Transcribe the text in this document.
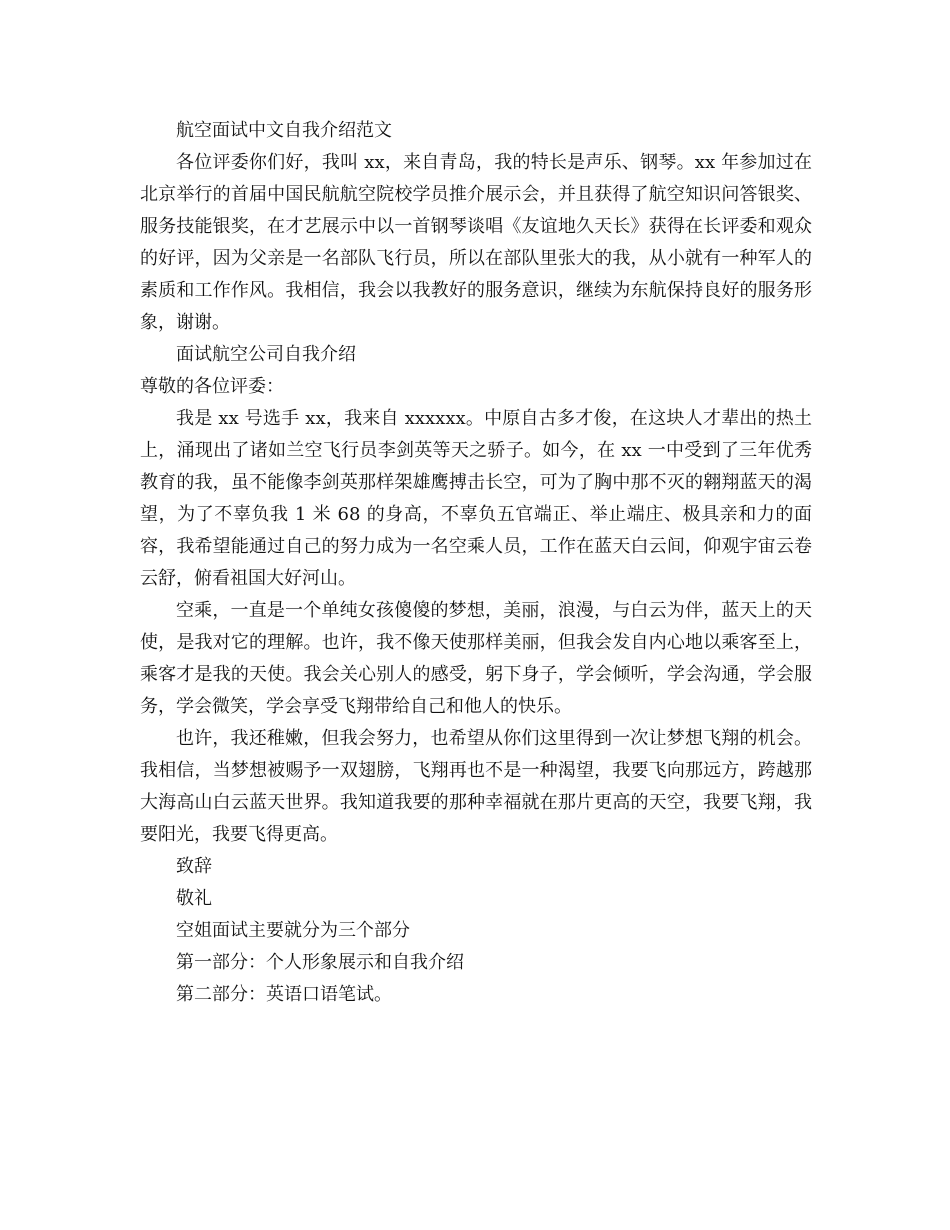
航空面试中文自我介绍范文

各位评委你们好，我叫 xx，来自青岛，我的特长是声乐、钢琴。xx 年参加过在北京举行的首届中国民航航空院校学员推介展示会，并且获得了航空知识问答银奖、服务技能银奖，在才艺展示中以一首钢琴谈唱《友谊地久天长》获得在长评委和观众的好评，因为父亲是一名部队飞行员，所以在部队里张大的我，从小就有一种军人的素质和工作作风。我相信，我会以我教好的服务意识，继续为东航保持良好的服务形象，谢谢。

面试航空公司自我介绍

尊敬的各位评委：

我是 xx 号选手 xx，我来自 xxxxxx。中原自古多才俊，在这块人才辈出的热土上，涌现出了诸如兰空飞行员李剑英等天之骄子。如今，在 xx 一中受到了三年优秀教育的我，虽不能像李剑英那样架雄鹰搏击长空，可为了胸中那不灭的翱翔蓝天的渴望，为了不辜负我 1 米 68 的身高，不辜负五官端正、举止端庄、极具亲和力的面容，我希望能通过自己的努力成为一名空乘人员，工作在蓝天白云间，仰观宇宙云卷云舒，俯看祖国大好河山。

空乘，一直是一个单纯女孩傻傻的梦想，美丽，浪漫，与白云为伴，蓝天上的天使，是我对它的理解。也许，我不像天使那样美丽，但我会发自内心地以乘客至上，乘客才是我的天使。我会关心别人的感受，躬下身子，学会倾听，学会沟通，学会服务，学会微笑，学会享受飞翔带给自己和他人的快乐。

也许，我还稚嫩，但我会努力，也希望从你们这里得到一次让梦想飞翔的机会。我相信，当梦想被赐予一双翅膀，飞翔再也不是一种渴望，我要飞向那远方，跨越那大海高山白云蓝天世界。我知道我要的那种幸福就在那片更高的天空，我要飞翔，我要阳光，我要飞得更高。

致辞

敬礼

空姐面试主要就分为三个部分

第一部分：个人形象展示和自我介绍

第二部分：英语口语笔试。
